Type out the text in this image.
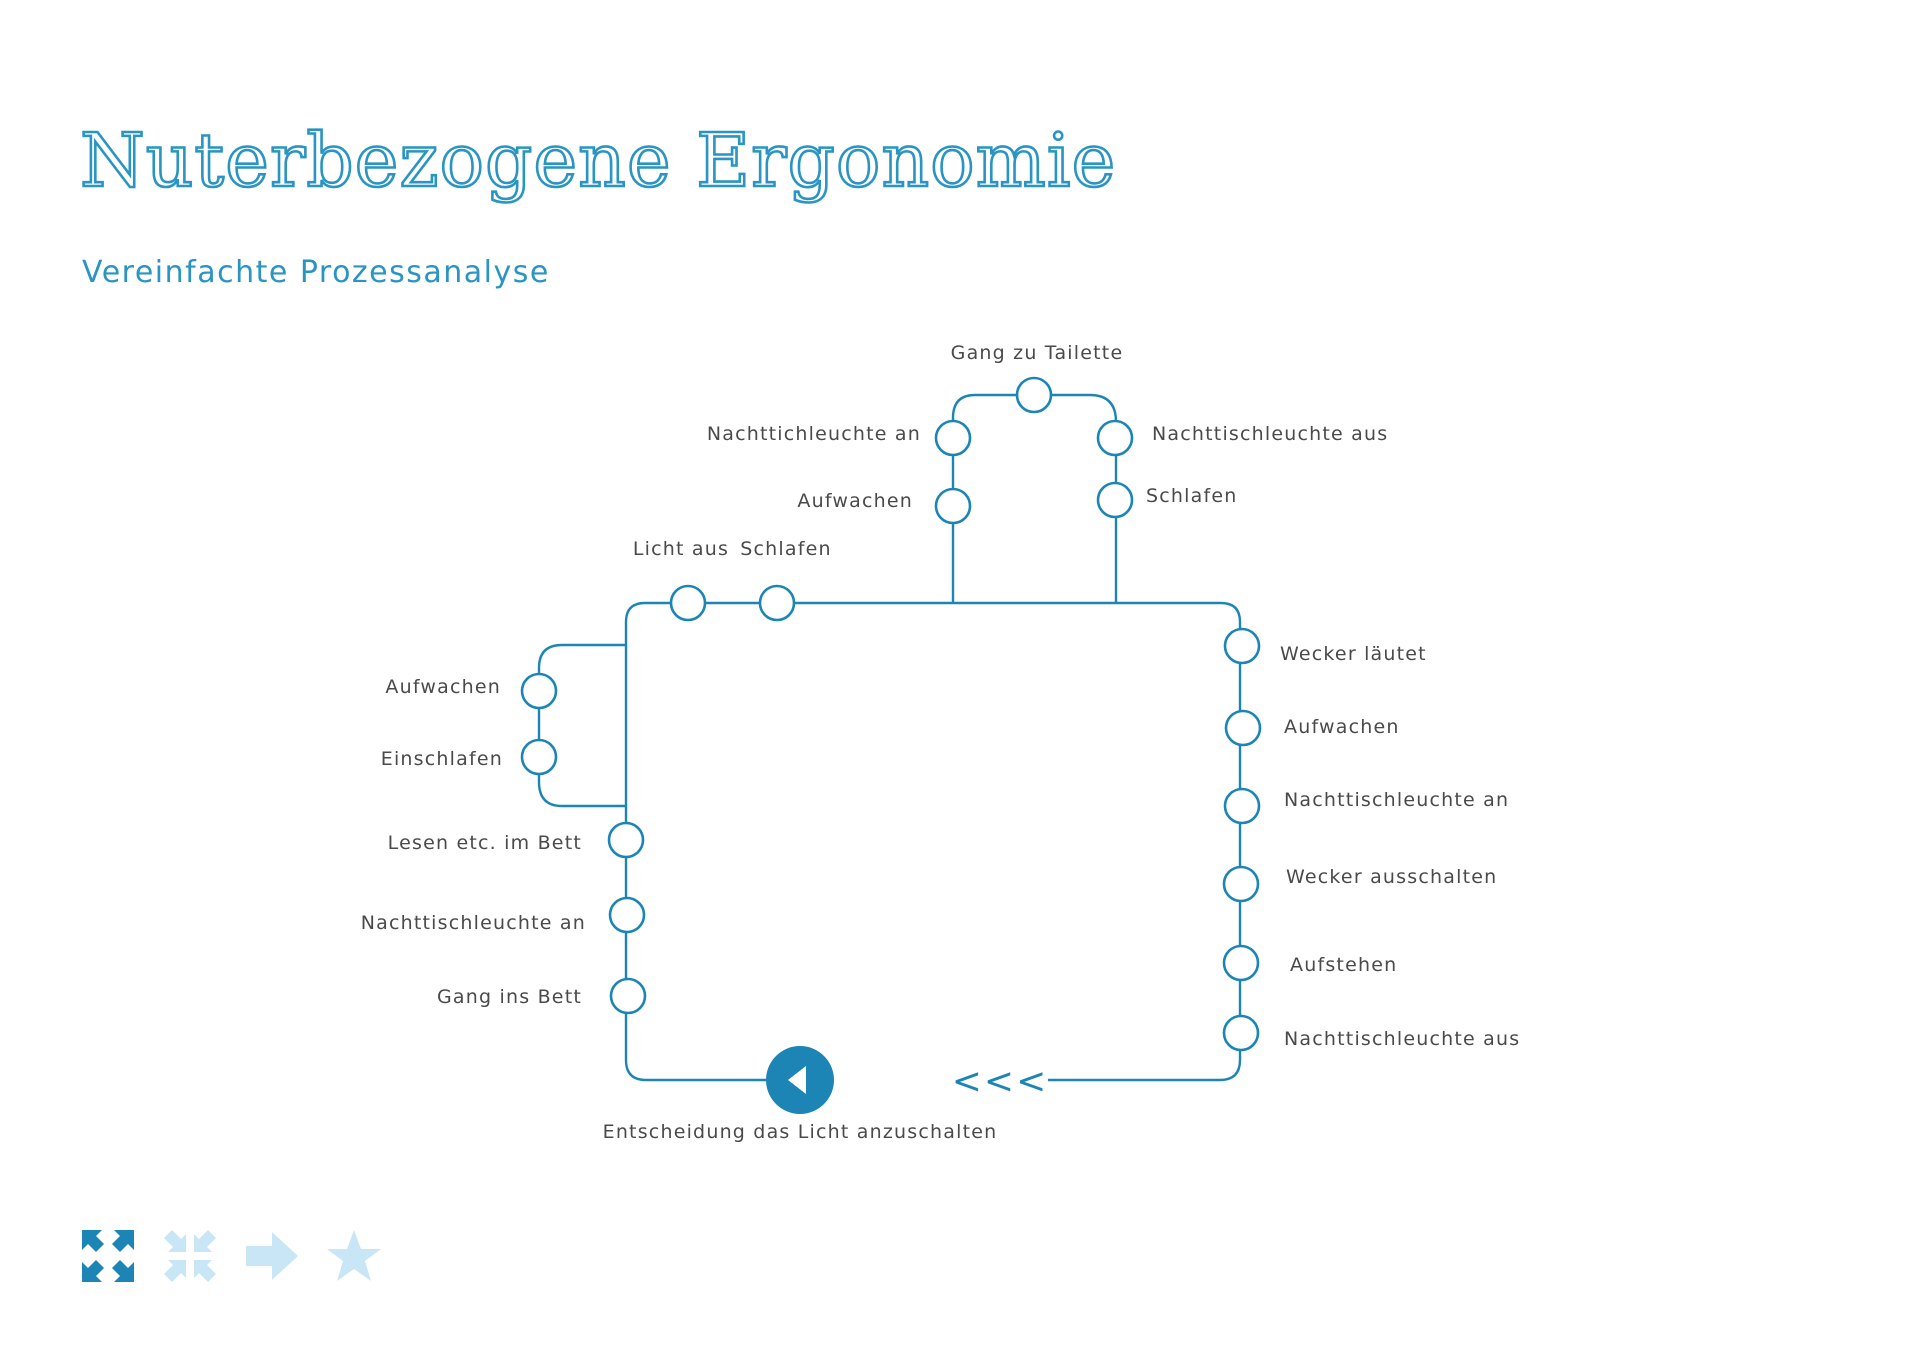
Nuterbezogene Ergonomie
Vereinfachte Prozessanalyse
Entscheidung das Licht anzuschalten
<<<
Gang ins Bett
Nachttischleuchte an
Lesen etc. im Bett
Einschlafen
Aufwachen
Licht aus Schlafen
Aufwachen
Nachttichleuchte an
Gang zu Tailette
Nachttischleuchte aus
Schlafen
Wecker läutet
Aufwachen
Nachttischleuchte an
Wecker ausschalten
Aufstehen
Nachttischleuchte aus
